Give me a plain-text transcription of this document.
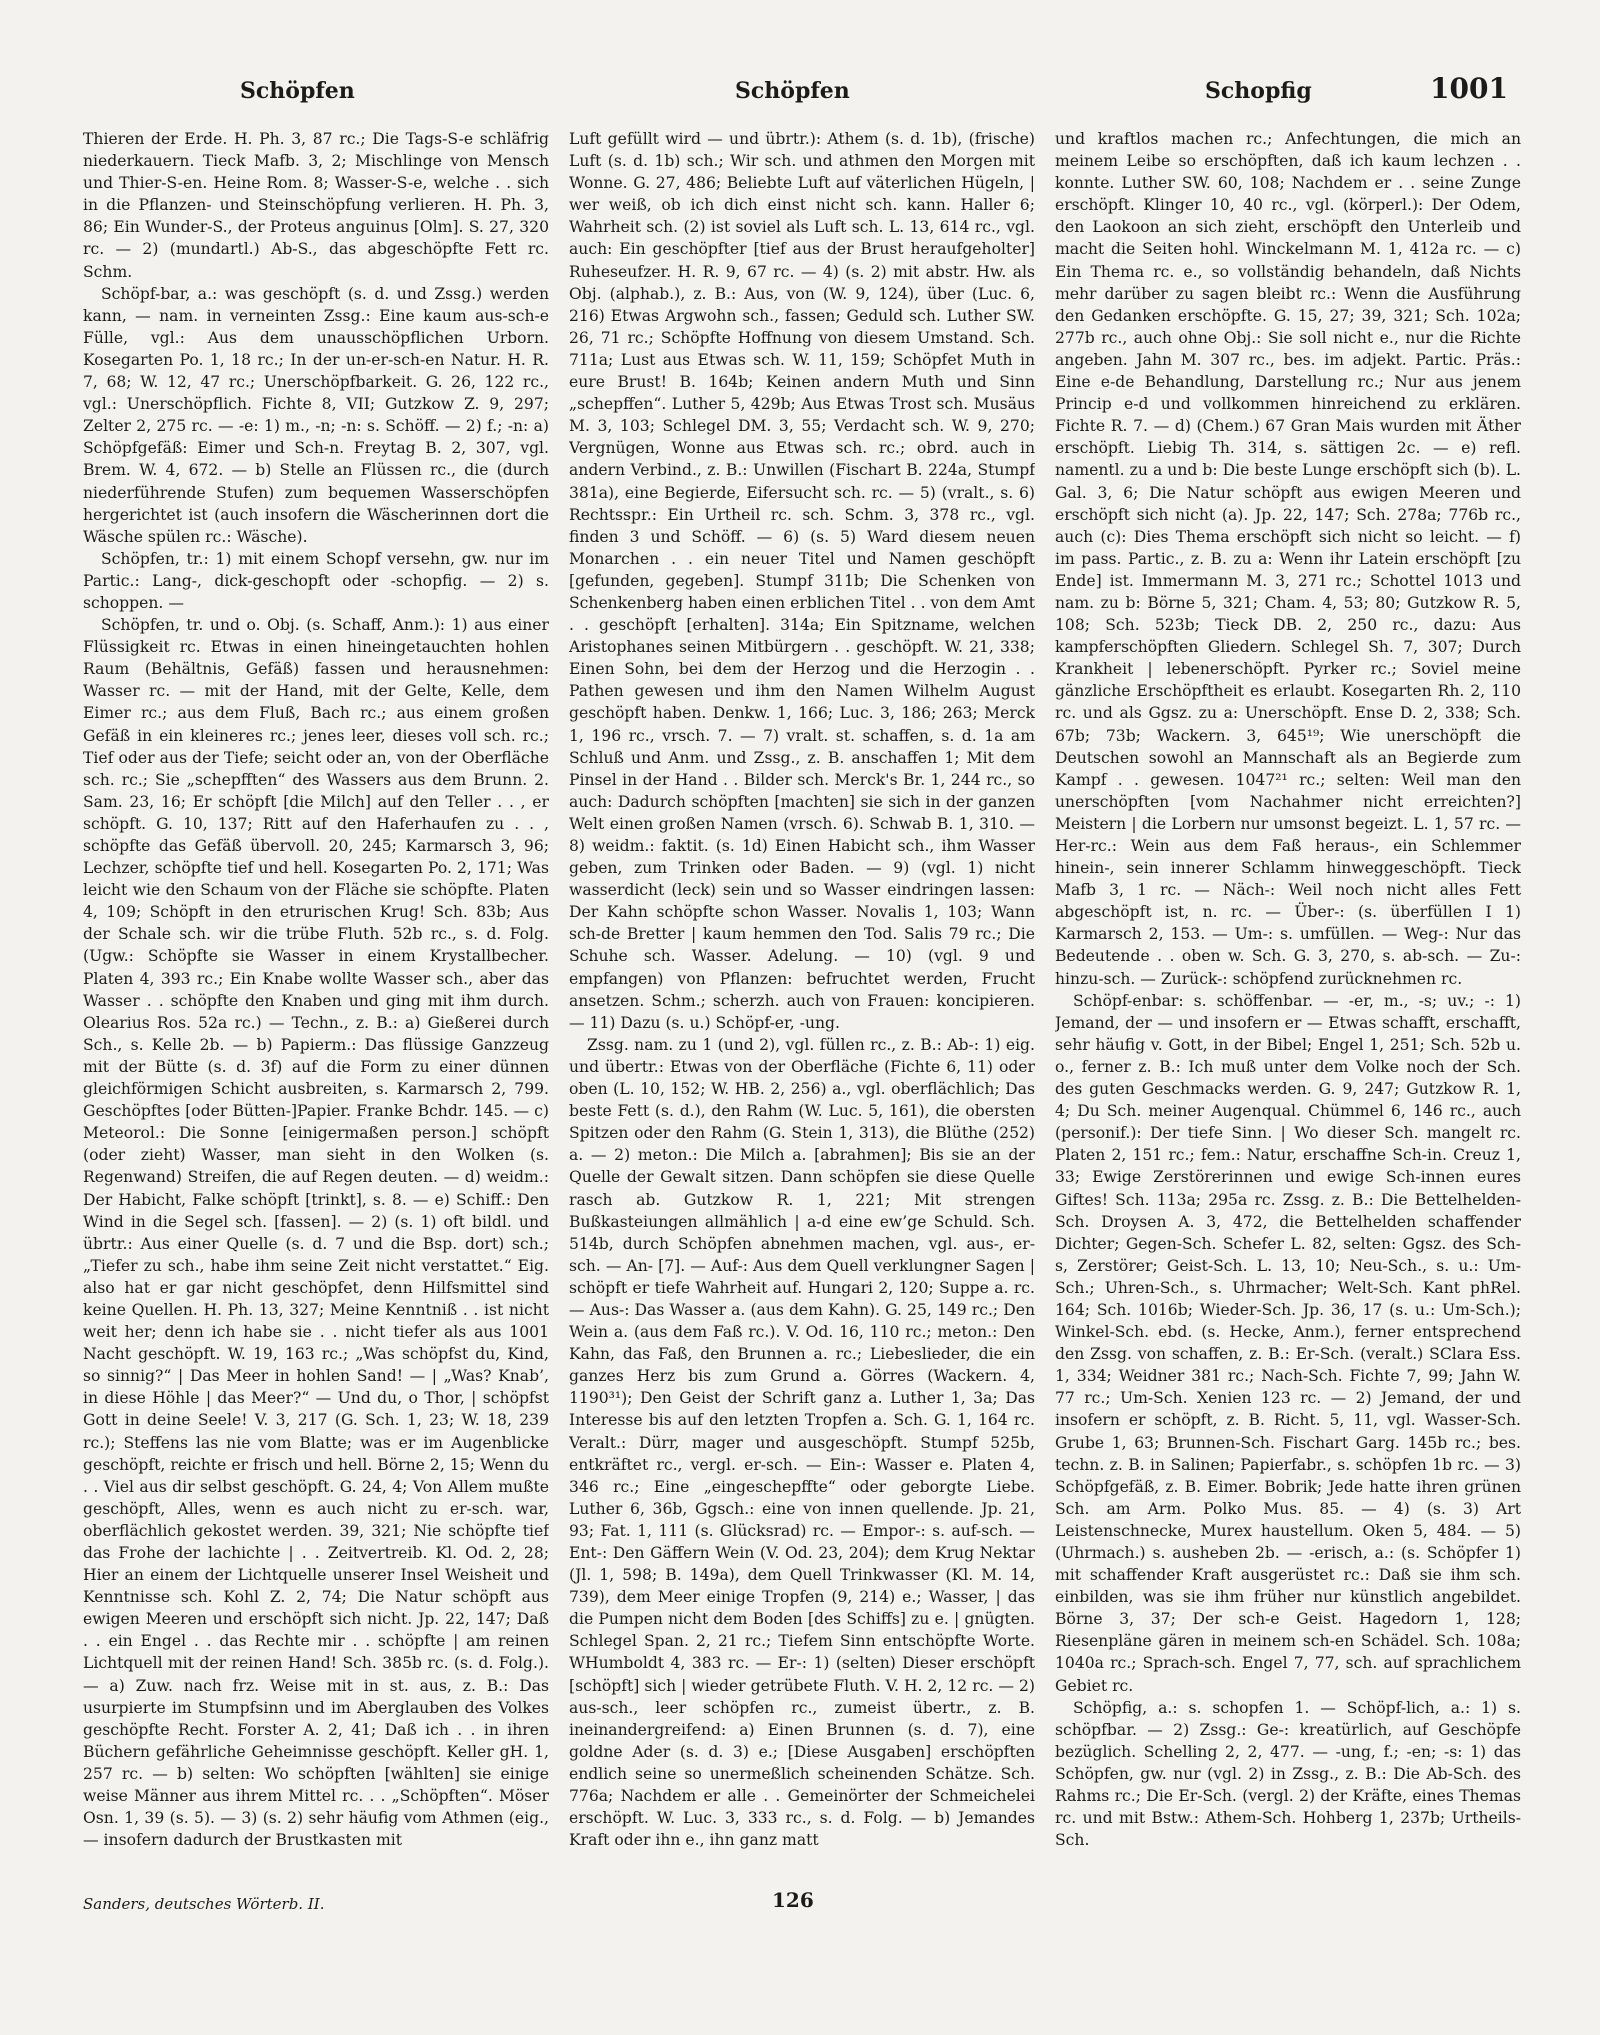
Schöpfen	Schöpfen	Schopfig	1001

Thieren der Erde. H. Ph. 3, 87 rc.; Die Tags-S-e schläfrig niederkauern. Tieck Mafb. 3, 2; Mischlinge von Mensch und Thier-S-en. Heine Rom. 8; Wasser-S-e, welche . . sich in die Pflanzen- und Steinschöpfung verlieren. H. Ph. 3, 86; Ein Wunder-S., der Proteus anguinus [Olm]. S. 27, 320 rc. — 2) (mundartl.) Ab-S., das abgeschöpfte Fett rc. Schm.

Schöpf-bar, a.: was geschöpft (s. d. und Zssg.) werden kann, — nam. in verneinten Zssg.: Eine kaum aus-sch-e Fülle, vgl.: Aus dem unausschöpflichen Urborn. Kosegarten Po. 1, 18 rc.; In der un-er-sch-en Natur. H. R. 7, 68; W. 12, 47 rc.; Unerschöpfbarkeit. G. 26, 122 rc., vgl.: Unerschöpflich. Fichte 8, VII; Gutzkow Z. 9, 297; Zelter 2, 275 rc. — -e: 1) m., -n; -n: s. Schöff. — 2) f.; -n: a) Schöpfgefäß: Eimer und Sch-n. Freytag B. 2, 307, vgl. Brem. W. 4, 672. — b) Stelle an Flüssen rc., die (durch niederführende Stufen) zum bequemen Wasserschöpfen hergerichtet ist (auch insofern die Wäscherinnen dort die Wäsche spülen rc.: Wäsche).

Schöpfen, tr.: 1) mit einem Schopf versehn, gw. nur im Partic.: Lang-, dick-geschopft oder -schopfig. — 2) s. schoppen. —

Schöpfen, tr. und o. Obj. (s. Schaff, Anm.): 1) aus einer Flüssigkeit rc. Etwas in einen hineingetauchten hohlen Raum (Behältnis, Gefäß) fassen und herausnehmen: Wasser rc. — mit der Hand, mit der Gelte, Kelle, dem Eimer rc.; aus dem Fluß, Bach rc.; aus einem großen Gefäß in ein kleineres rc.; jenes leer, dieses voll sch. rc.; Tief oder aus der Tiefe; seicht oder an, von der Oberfläche sch. rc.; Sie „schepfften“ des Wassers aus dem Brunn. 2. Sam. 23, 16; Er schöpft [die Milch] auf den Teller . . , er schöpft. G. 10, 137; Ritt auf den Haferhaufen zu . . , schöpfte das Gefäß übervoll. 20, 245; Karmarsch 3, 96; Lechzer, schöpfte tief und hell. Kosegarten Po. 2, 171; Was leicht wie den Schaum von der Fläche sie schöpfte. Platen 4, 109; Schöpft in den etrurischen Krug! Sch. 83b; Aus der Schale sch. wir die trübe Fluth. 52b rc., s. d. Folg. (Ugw.: Schöpfte sie Wasser in einem Krystallbecher. Platen 4, 393 rc.; Ein Knabe wollte Wasser sch., aber das Wasser . . schöpfte den Knaben und ging mit ihm durch. Olearius Ros. 52a rc.) — Techn., z. B.: a) Gießerei durch Sch., s. Kelle 2b. — b) Papierm.: Das flüssige Ganzzeug mit der Bütte (s. d. 3f) auf die Form zu einer dünnen gleichförmigen Schicht ausbreiten, s. Karmarsch 2, 799. Geschöpftes [oder Bütten-]Papier. Franke Bchdr. 145. — c) Meteorol.: Die Sonne [einigermaßen person.] schöpft (oder zieht) Wasser, man sieht in den Wolken (s. Regenwand) Streifen, die auf Regen deuten. — d) weidm.: Der Habicht, Falke schöpft [trinkt], s. 8. — e) Schiff.: Den Wind in die Segel sch. [fassen]. — 2) (s. 1) oft bildl. und übrtr.: Aus einer Quelle (s. d. 7 und die Bsp. dort) sch.; „Tiefer zu sch., habe ihm seine Zeit nicht verstattet.“ Eig. also hat er gar nicht geschöpfet, denn Hilfsmittel sind keine Quellen. H. Ph. 13, 327; Meine Kenntniß . . ist nicht weit her; denn ich habe sie . . nicht tiefer als aus 1001 Nacht geschöpft. W. 19, 163 rc.; „Was schöpfst du, Kind, so sinnig?“ | Das Meer in hohlen Sand! — | „Was? Knab’, in diese Höhle | das Meer?“ — Und du, o Thor, | schöpfst Gott in deine Seele! V. 3, 217 (G. Sch. 1, 23; W. 18, 239 rc.); Steffens las nie vom Blatte; was er im Augenblicke geschöpft, reichte er frisch und hell. Börne 2, 15; Wenn du . . Viel aus dir selbst geschöpft. G. 24, 4; Von Allem mußte geschöpft, Alles, wenn es auch nicht zu er-sch. war, oberflächlich gekostet werden. 39, 321; Nie schöpfte tief das Frohe der lachichte | . . Zeitvertreib. Kl. Od. 2, 28; Hier an einem der Lichtquelle unserer Insel Weisheit und Kenntnisse sch. Kohl Z. 2, 74; Die Natur schöpft aus ewigen Meeren und erschöpft sich nicht. Jp. 22, 147; Daß . . ein Engel . . das Rechte mir . . schöpfte | am reinen Lichtquell mit der reinen Hand! Sch. 385b rc. (s. d. Folg.). — a) Zuw. nach frz. Weise mit in st. aus, z. B.: Das usurpierte im Stumpfsinn und im Aberglauben des Volkes geschöpfte Recht. Forster A. 2, 41; Daß ich . . in ihren Büchern gefährliche Geheimnisse geschöpft. Keller gH. 1, 257 rc. — b) selten: Wo schöpften [wählten] sie einige weise Männer aus ihrem Mittel rc. . . „Schöpften“. Möser Osn. 1, 39 (s. 5). — 3) (s. 2) sehr häufig vom Athmen (eig., — insofern dadurch der Brustkasten mit

Luft gefüllt wird — und übrtr.): Athem (s. d. 1b), (frische) Luft (s. d. 1b) sch.; Wir sch. und athmen den Morgen mit Wonne. G. 27, 486; Beliebte Luft auf väterlichen Hügeln, | wer weiß, ob ich dich einst nicht sch. kann. Haller 6; Wahrheit sch. (2) ist soviel als Luft sch. L. 13, 614 rc., vgl. auch: Ein geschöpfter [tief aus der Brust heraufgeholter] Ruheseufzer. H. R. 9, 67 rc. — 4) (s. 2) mit abstr. Hw. als Obj. (alphab.), z. B.: Aus, von (W. 9, 124), über (Luc. 6, 216) Etwas Argwohn sch., fassen; Geduld sch. Luther SW. 26, 71 rc.; Schöpfte Hoffnung von diesem Umstand. Sch. 711a; Lust aus Etwas sch. W. 11, 159; Schöpfet Muth in eure Brust! B. 164b; Keinen andern Muth und Sinn „schepffen“. Luther 5, 429b; Aus Etwas Trost sch. Musäus M. 3, 103; Schlegel DM. 3, 55; Verdacht sch. W. 9, 270; Vergnügen, Wonne aus Etwas sch. rc.; obrd. auch in andern Verbind., z. B.: Unwillen (Fischart B. 224a, Stumpf 381a), eine Begierde, Eifersucht sch. rc. — 5) (vralt., s. 6) Rechtsspr.: Ein Urtheil rc. sch. Schm. 3, 378 rc., vgl. finden 3 und Schöff. — 6) (s. 5) Ward diesem neuen Monarchen . . ein neuer Titel und Namen geschöpft [gefunden, gegeben]. Stumpf 311b; Die Schenken von Schenkenberg haben einen erblichen Titel . . von dem Amt . . geschöpft [erhalten]. 314a; Ein Spitzname, welchen Aristophanes seinen Mitbürgern . . geschöpft. W. 21, 338; Einen Sohn, bei dem der Herzog und die Herzogin . . Pathen gewesen und ihm den Namen Wilhelm August geschöpft haben. Denkw. 1, 166; Luc. 3, 186; 263; Merck 1, 196 rc., vrsch. 7. — 7) vralt. st. schaffen, s. d. 1a am Schluß und Anm. und Zssg., z. B. anschaffen 1; Mit dem Pinsel in der Hand . . Bilder sch. Merck's Br. 1, 244 rc., so auch: Dadurch schöpften [machten] sie sich in der ganzen Welt einen großen Namen (vrsch. 6). Schwab B. 1, 310. — 8) weidm.: faktit. (s. 1d) Einen Habicht sch., ihm Wasser geben, zum Trinken oder Baden. — 9) (vgl. 1) nicht wasserdicht (leck) sein und so Wasser eindringen lassen: Der Kahn schöpfte schon Wasser. Novalis 1, 103; Wann sch-de Bretter | kaum hemmen den Tod. Salis 79 rc.; Die Schuhe sch. Wasser. Adelung. — 10) (vgl. 9 und empfangen) von Pflanzen: befruchtet werden, Frucht ansetzen. Schm.; scherzh. auch von Frauen: koncipieren. — 11) Dazu (s. u.) Schöpf-er, -ung.

Zssg. nam. zu 1 (und 2), vgl. füllen rc., z. B.: Ab-: 1) eig. und übertr.: Etwas von der Oberfläche (Fichte 6, 11) oder oben (L. 10, 152; W. HB. 2, 256) a., vgl. oberflächlich; Das beste Fett (s. d.), den Rahm (W. Luc. 5, 161), die obersten Spitzen oder den Rahm (G. Stein 1, 313), die Blüthe (252) a. — 2) meton.: Die Milch a. [abrahmen]; Bis sie an der Quelle der Gewalt sitzen. Dann schöpfen sie diese Quelle rasch ab. Gutzkow R. 1, 221; Mit strengen Bußkasteiungen allmählich | a-d eine ew’ge Schuld. Sch. 514b, durch Schöpfen abnehmen machen, vgl. aus-, er-sch. — An- [7]. — Auf-: Aus dem Quell verklungner Sagen | schöpft er tiefe Wahrheit auf. Hungari 2, 120; Suppe a. rc. — Aus-: Das Wasser a. (aus dem Kahn). G. 25, 149 rc.; Den Wein a. (aus dem Faß rc.). V. Od. 16, 110 rc.; meton.: Den Kahn, das Faß, den Brunnen a. rc.; Liebeslieder, die ein ganzes Herz bis zum Grund a. Görres (Wackern. 4, 1190³¹); Den Geist der Schrift ganz a. Luther 1, 3a; Das Interesse bis auf den letzten Tropfen a. Sch. G. 1, 164 rc. Veralt.: Dürr, mager und ausgeschöpft. Stumpf 525b, entkräftet rc., vergl. er-sch. — Ein-: Wasser e. Platen 4, 346 rc.; Eine „eingeschepffte“ oder geborgte Liebe. Luther 6, 36b, Ggsch.: eine von innen quellende. Jp. 21, 93; Fat. 1, 111 (s. Glücksrad) rc. — Empor-: s. auf-sch. — Ent-: Den Gäffern Wein (V. Od. 23, 204); dem Krug Nektar (Jl. 1, 598; B. 149a), dem Quell Trinkwasser (Kl. M. 14, 739), dem Meer einige Tropfen (9, 214) e.; Wasser, | das die Pumpen nicht dem Boden [des Schiffs] zu e. | gnügten. Schlegel Span. 2, 21 rc.; Tiefem Sinn entschöpfte Worte. WHumboldt 4, 383 rc. — Er-: 1) (selten) Dieser erschöpft [schöpft] sich | wieder getrübete Fluth. V. H. 2, 12 rc. — 2) aus-sch., leer schöpfen rc., zumeist übertr., z. B. ineinandergreifend: a) Einen Brunnen (s. d. 7), eine goldne Ader (s. d. 3) e.; [Diese Ausgaben] erschöpften endlich seine so unermeßlich scheinenden Schätze. Sch. 776a; Nachdem er alle . . Gemeinörter der Schmeichelei erschöpft. W. Luc. 3, 333 rc., s. d. Folg. — b) Jemandes Kraft oder ihn e., ihn ganz matt

und kraftlos machen rc.; Anfechtungen, die mich an meinem Leibe so erschöpften, daß ich kaum lechzen . . konnte. Luther SW. 60, 108; Nachdem er . . seine Zunge erschöpft. Klinger 10, 40 rc., vgl. (körperl.): Der Odem, den Laokoon an sich zieht, erschöpft den Unterleib und macht die Seiten hohl. Winckelmann M. 1, 412a rc. — c) Ein Thema rc. e., so vollständig behandeln, daß Nichts mehr darüber zu sagen bleibt rc.: Wenn die Ausführung den Gedanken erschöpfte. G. 15, 27; 39, 321; Sch. 102a; 277b rc., auch ohne Obj.: Sie soll nicht e., nur die Richte angeben. Jahn M. 307 rc., bes. im adjekt. Partic. Präs.: Eine e-de Behandlung, Darstellung rc.; Nur aus jenem Princip e-d und vollkommen hinreichend zu erklären. Fichte R. 7. — d) (Chem.) 67 Gran Mais wurden mit Äther erschöpft. Liebig Th. 314, s. sättigen 2c. — e) refl. namentl. zu a und b: Die beste Lunge erschöpft sich (b). L. Gal. 3, 6; Die Natur schöpft aus ewigen Meeren und erschöpft sich nicht (a). Jp. 22, 147; Sch. 278a; 776b rc., auch (c): Dies Thema erschöpft sich nicht so leicht. — f) im pass. Partic., z. B. zu a: Wenn ihr Latein erschöpft [zu Ende] ist. Immermann M. 3, 271 rc.; Schottel 1013 und nam. zu b: Börne 5, 321; Cham. 4, 53; 80; Gutzkow R. 5, 108; Sch. 523b; Tieck DB. 2, 250 rc., dazu: Aus kampferschöpften Gliedern. Schlegel Sh. 7, 307; Durch Krankheit | lebenerschöpft. Pyrker rc.; Soviel meine gänzliche Erschöpftheit es erlaubt. Kosegarten Rh. 2, 110 rc. und als Ggsz. zu a: Unerschöpft. Ense D. 2, 338; Sch. 67b; 73b; Wackern. 3, 645¹⁹; Wie unerschöpft die Deutschen sowohl an Mannschaft als an Begierde zum Kampf . . gewesen. 1047²¹ rc.; selten: Weil man den unerschöpften [vom Nachahmer nicht erreichten?] Meistern | die Lorbern nur umsonst begeizt. L. 1, 57 rc. — Her-rc.: Wein aus dem Faß heraus-, ein Schlemmer hinein-, sein innerer Schlamm hinweggeschöpft. Tieck Mafb 3, 1 rc. — Näch-: Weil noch nicht alles Fett abgeschöpft ist, n. rc. — Über-: (s. überfüllen I 1) Karmarsch 2, 153. — Um-: s. umfüllen. — Weg-: Nur das Bedeutende . . oben w. Sch. G. 3, 270, s. ab-sch. — Zu-: hinzu-sch. — Zurück-: schöpfend zurücknehmen rc.

Schöpf-enbar: s. schöffenbar. — -er, m., -s; uv.; -: 1) Jemand, der — und insofern er — Etwas schafft, erschafft, sehr häufig v. Gott, in der Bibel; Engel 1, 251; Sch. 52b u. o., ferner z. B.: Ich muß unter dem Volke noch der Sch. des guten Geschmacks werden. G. 9, 247; Gutzkow R. 1, 4; Du Sch. meiner Augenqual. Chümmel 6, 146 rc., auch (personif.): Der tiefe Sinn. | Wo dieser Sch. mangelt rc. Platen 2, 151 rc.; fem.: Natur, erschaffne Sch-in. Creuz 1, 33; Ewige Zerstörerinnen und ewige Sch-innen eures Giftes! Sch. 113a; 295a rc. Zssg. z. B.: Die Bettelhelden-Sch. Droysen A. 3, 472, die Bettelhelden schaffender Dichter; Gegen-Sch. Schefer L. 82, selten: Ggsz. des Sch-s, Zerstörer; Geist-Sch. L. 13, 10; Neu-Sch., s. u.: Um-Sch.; Uhren-Sch., s. Uhrmacher; Welt-Sch. Kant phRel. 164; Sch. 1016b; Wieder-Sch. Jp. 36, 17 (s. u.: Um-Sch.); Winkel-Sch. ebd. (s. Hecke, Anm.), ferner entsprechend den Zssg. von schaffen, z. B.: Er-Sch. (veralt.) SClara Ess. 1, 334; Weidner 381 rc.; Nach-Sch. Fichte 7, 99; Jahn W. 77 rc.; Um-Sch. Xenien 123 rc. — 2) Jemand, der und insofern er schöpft, z. B. Richt. 5, 11, vgl. Wasser-Sch. Grube 1, 63; Brunnen-Sch. Fischart Garg. 145b rc.; bes. techn. z. B. in Salinen; Papierfabr., s. schöpfen 1b rc. — 3) Schöpfgefäß, z. B. Eimer. Bobrik; Jede hatte ihren grünen Sch. am Arm. Polko Mus. 85. — 4) (s. 3) Art Leistenschnecke, Murex haustellum. Oken 5, 484. — 5) (Uhrmach.) s. ausheben 2b. — -erisch, a.: (s. Schöpfer 1) mit schaffender Kraft ausgerüstet rc.: Daß sie ihm sch. einbilden, was sie ihm früher nur künstlich angebildet. Börne 3, 37; Der sch-e Geist. Hagedorn 1, 128; Riesenpläne gären in meinem sch-en Schädel. Sch. 108a; 1040a rc.; Sprach-sch. Engel 7, 77, sch. auf sprachlichem Gebiet rc.

Schöpfig, a.: s. schopfen 1. — Schöpf-lich, a.: 1) s. schöpfbar. — 2) Zssg.: Ge-: kreatürlich, auf Geschöpfe bezüglich. Schelling 2, 2, 477. — -ung, f.; -en; -s: 1) das Schöpfen, gw. nur (vgl. 2) in Zssg., z. B.: Die Ab-Sch. des Rahms rc.; Die Er-Sch. (vergl. 2) der Kräfte, eines Themas rc. und mit Bstw.: Athem-Sch. Hohberg 1, 237b; Urtheils-Sch.

Sanders, deutsches Wörterb. II.	126
